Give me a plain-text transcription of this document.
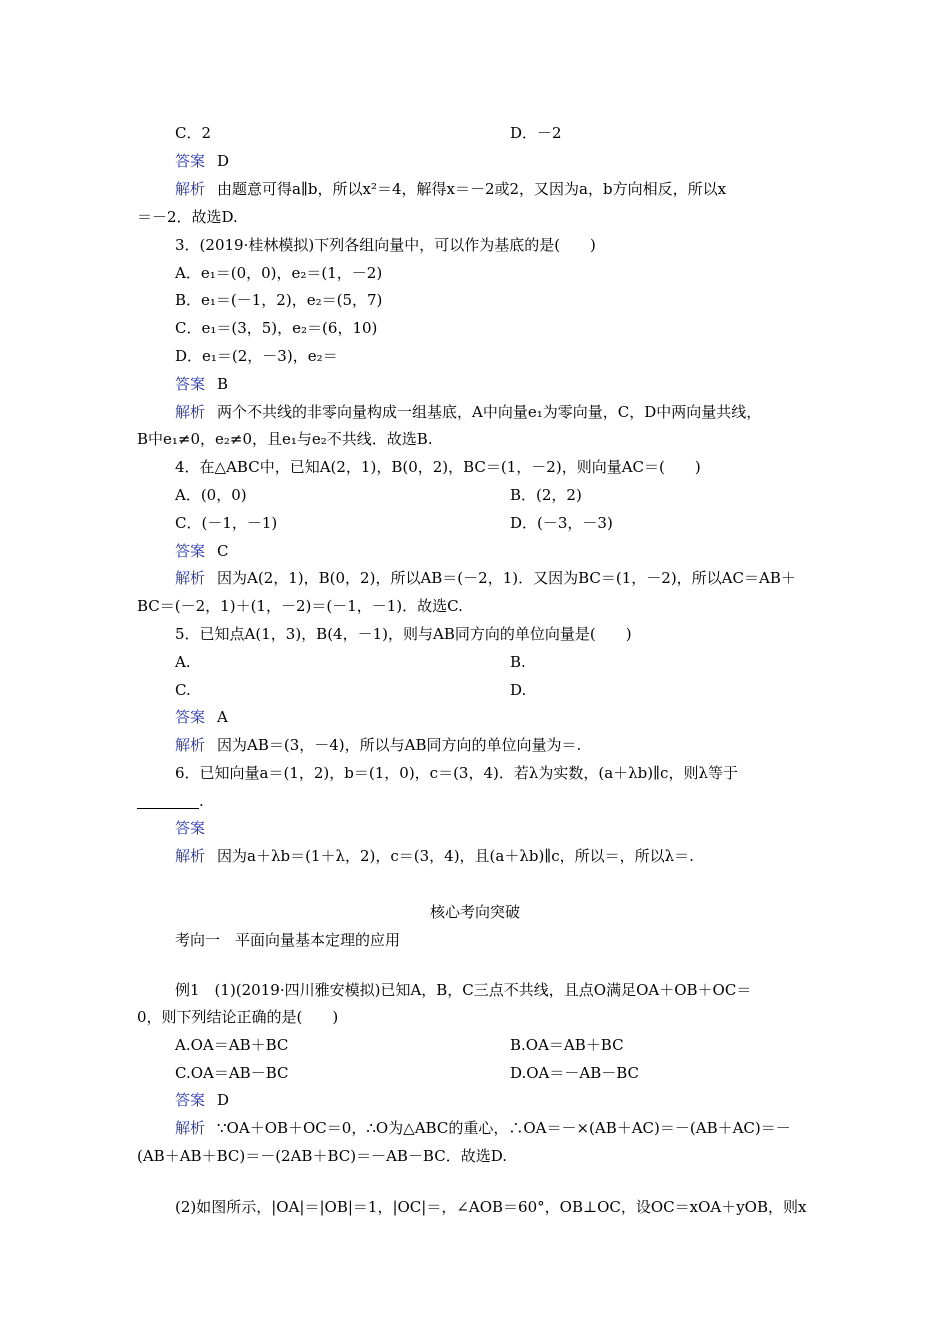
C．2	D．－2
答案 D
解析 由题意可得a∥b，所以x²＝4，解得x＝－2或2，又因为a，b方向相反，所以x
＝－2．故选D.
3．(2019·桂林模拟)下列各组向量中，可以作为基底的是(　　)
A．e₁＝(0，0)，e₂＝(1，－2)
B．e₁＝(－1，2)，e₂＝(5，7)
C．e₁＝(3，5)，e₂＝(6，10)
D．e₁＝(2，－3)，e₂＝
答案 B
解析 两个不共线的非零向量构成一组基底，A中向量e₁为零向量，C，D中两向量共线，
B中e₁≠0，e₂≠0，且e₁与e₂不共线．故选B.
4．在△ABC中，已知A(2，1)，B(0，2)，BC＝(1，－2)，则向量AC＝(　　)
A．(0，0)	B．(2，2)
C．(－1，－1)	D．(－3，－3)
答案 C
解析 因为A(2，1)，B(0，2)，所以AB＝(－2，1)．又因为BC＝(1，－2)，所以AC＝AB＋
BC＝(－2，1)＋(1，－2)＝(－1，－1)．故选C.
5．已知点A(1，3)，B(4，－1)，则与AB同方向的单位向量是(　　)
A.	B.
C.	D.
答案 A
解析 因为AB＝(3，－4)，所以与AB同方向的单位向量为＝.
6．已知向量a＝(1，2)，b＝(1，0)，c＝(3，4)．若λ为实数，(a＋λb)∥c，则λ等于
.
答案
解析 因为a＋λb＝(1＋λ，2)，c＝(3，4)，且(a＋λb)∥c，所以＝，所以λ＝.
核心考向突破
考向一　平面向量基本定理的应用
例1　(1)(2019·四川雅安模拟)已知A，B，C三点不共线，且点O满足OA＋OB＋OC＝
0，则下列结论正确的是(　　)
A.OA＝AB＋BC	B.OA＝AB＋BC
C.OA＝AB－BC	D.OA＝－AB－BC
答案 D
解析 ∵OA＋OB＋OC＝0，∴O为△ABC的重心，∴OA＝－×(AB＋AC)＝－(AB＋AC)＝－
(AB＋AB＋BC)＝－(2AB＋BC)＝－AB－BC．故选D.
(2)如图所示，|OA|＝|OB|＝1，|OC|＝，∠AOB＝60°，OB⊥OC，设OC＝xOA＋yOB，则x
